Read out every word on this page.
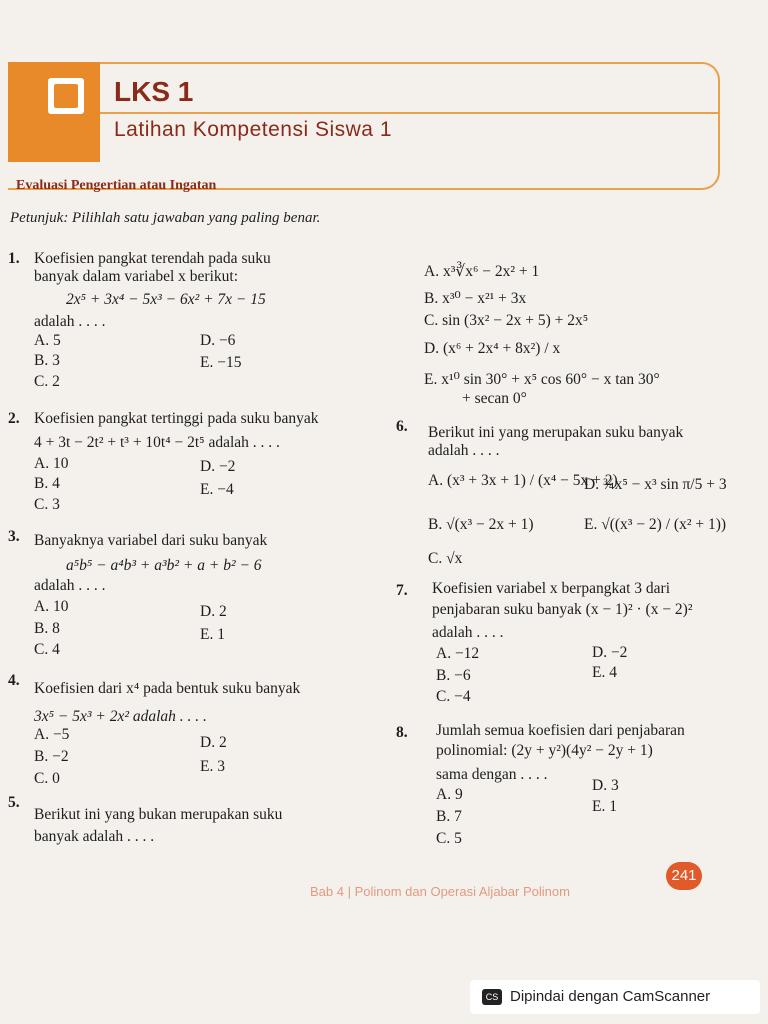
LKS 1
Latihan Kompetensi Siswa 1
Evaluasi Pengertian atau Ingatan
Petunjuk: Pilihlah satu jawaban yang paling benar.
1. Koefisien pangkat terendah pada suku
banyak dalam variabel x berikut:
2x⁵ + 3x⁴ − 5x³ − 6x² + 7x − 15
adalah . . . .
A. 5
B. 3
C. 2
D. −6
E. −15
2. Koefisien pangkat tertinggi pada suku banyak
4 + 3t − 2t² + t³ + 10t⁴ − 2t⁵ adalah . . . .
A. 10
B. 4
C. 3
D. −2
E. −4
3. Banyaknya variabel dari suku banyak
a⁵b⁵ − a⁴b³ + a³b² + a + b² − 6
adalah . . . .
A. 10
B. 8
C. 4
D. 2
E. 1
4. Koefisien dari x⁴ pada bentuk suku banyak
3x⁵ − 5x³ + 2x² adalah . . . .
A. −5
B. −2
C. 0
D. 2
E. 3
5.
Berikut ini yang bukan merupakan suku
banyak adalah . . . .
A. x³∛x⁶ − 2x² + 1
B. x³⁰ − x²¹ + 3x
C. sin (3x² − 2x + 5) + 2x⁵
D. (x⁶ + 2x⁴ + 8x²) / x
E. x¹⁰ sin 30° + x⁵ cos 60° − x tan 30°
+ secan 0°
6. Berikut ini yang merupakan suku banyak
adalah . . . .
A. (x³ + 3x + 1) / (x⁴ − 5x + 2)
B. √(x³ − 2x + 1)
C. √x
D. ¾x⁵ − x³ sin π/5 + 3
E. √((x³ − 2) / (x² + 1))
7. Koefisien variabel x berpangkat 3 dari
penjabaran suku banyak (x − 1)² · (x − 2)²
adalah . . . .
A. −12
B. −6
C. −4
D. −2
E. 4
8. Jumlah semua koefisien dari penjabaran
polinomial: (2y + y²)(4y² − 2y + 1)
sama dengan . . . .
A. 9
B. 7
C. 5
D. 3
E. 1
Bab 4 | Polinom dan Operasi Aljabar Polinom
241
CS Dipindai dengan CamScanner
